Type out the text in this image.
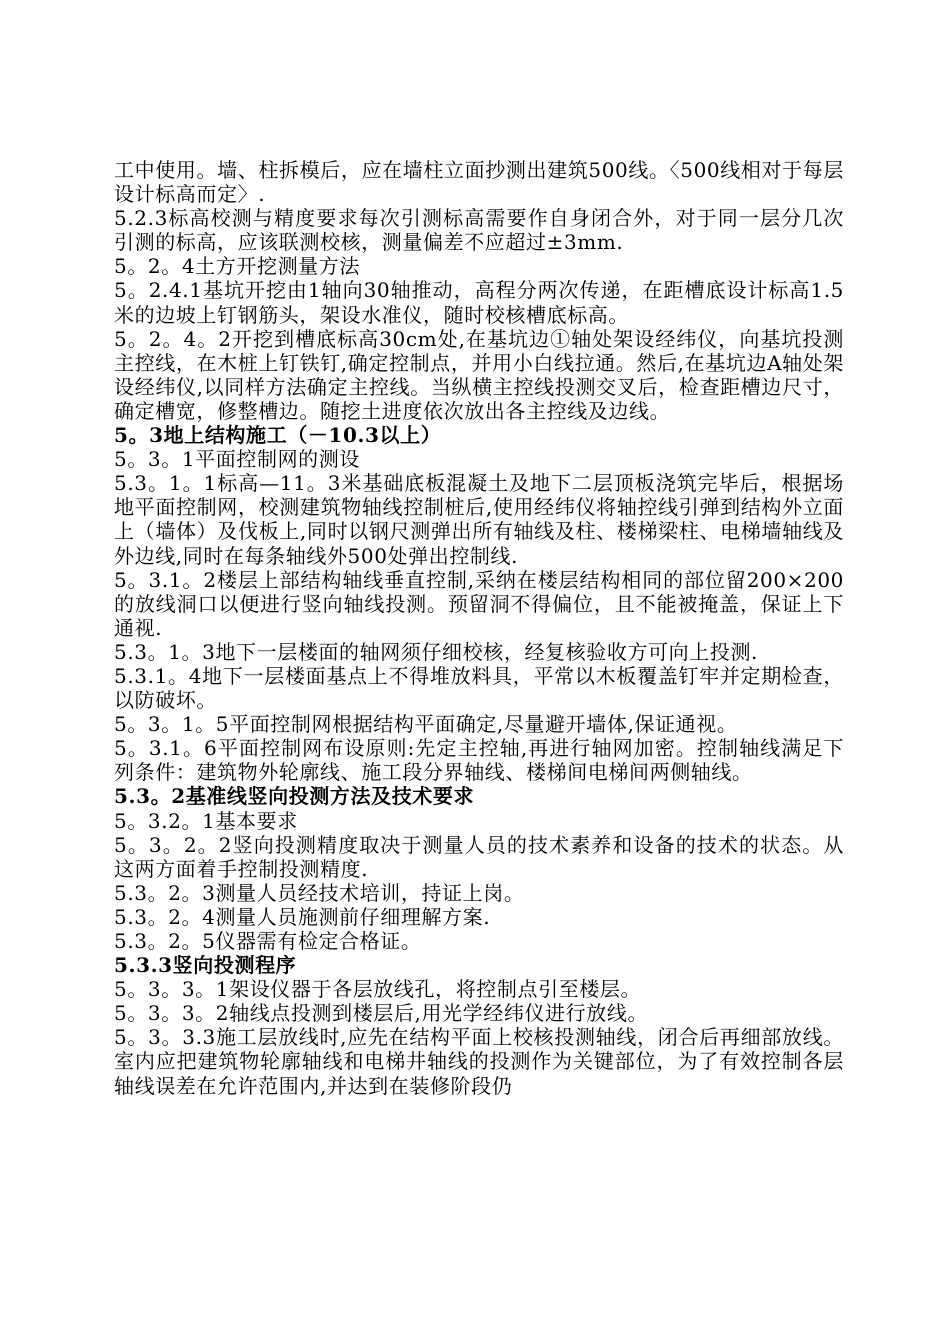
工中使用。墙、柱拆模后，应在墙柱立面抄测出建筑500线。〈500线相对于每层设计标高而定〉.

5.2.3标高校测与精度要求每次引测标高需要作自身闭合外，对于同一层分几次引测的标高，应该联测校核，测量偏差不应超过±3mm.

5。2。4土方开挖测量方法

5。2.4.1基坑开挖由1轴向30轴推动，高程分两次传递，在距槽底设计标高1.5米的边坡上钉钢筋头，架设水准仪，随时校核槽底标高。

5。2。4。2开挖到槽底标高30cm处,在基坑边①轴处架设经纬仪，向基坑投测主控线，在木桩上钉铁钉,确定控制点，并用小白线拉通。然后,在基坑边A轴处架设经纬仪,以同样方法确定主控线。当纵横主控线投测交叉后，检查距槽边尺寸，确定槽宽，修整槽边。随挖土进度依次放出各主控线及边线。

5。3地上结构施工（－10.3以上）

5。3。1平面控制网的测设

5.3。1。1标高—11。3米基础底板混凝土及地下二层顶板浇筑完毕后，根据场地平面控制网，校测建筑物轴线控制桩后,使用经纬仪将轴控线引弹到结构外立面上（墙体）及伐板上,同时以钢尺测弹出所有轴线及柱、楼梯梁柱、电梯墙轴线及外边线,同时在每条轴线外500处弹出控制线.

5。3.1。2楼层上部结构轴线垂直控制,采纳在楼层结构相同的部位留200×200的放线洞口以便进行竖向轴线投测。预留洞不得偏位，且不能被掩盖，保证上下通视.

5.3。1。3地下一层楼面的轴网须仔细校核，经复核验收方可向上投测.

5.3.1。4地下一层楼面基点上不得堆放料具，平常以木板覆盖钉牢并定期检查，以防破坏。

5。3。1。5平面控制网根据结构平面确定,尽量避开墙体,保证通视。

5。3.1。6平面控制网布设原则:先定主控轴,再进行轴网加密。控制轴线满足下列条件：建筑物外轮廓线、施工段分界轴线、楼梯间电梯间两侧轴线。

5.3。2基准线竖向投测方法及技术要求

5。3.2。1基本要求

5。3。2。2竖向投测精度取决于测量人员的技术素养和设备的技术的状态。从这两方面着手控制投测精度.

5.3。2。3测量人员经技术培训，持证上岗。

5.3。2。4测量人员施测前仔细理解方案.

5.3。2。5仪器需有检定合格证。

5.3.3竖向投测程序

5。3。3。1架设仪器于各层放线孔，将控制点引至楼层。

5。3。3。2轴线点投测到楼层后,用光学经纬仪进行放线。

5。3。3.3施工层放线时,应先在结构平面上校核投测轴线，闭合后再细部放线。室内应把建筑物轮廓轴线和电梯井轴线的投测作为关键部位，为了有效控制各层轴线误差在允许范围内,并达到在装修阶段仍
